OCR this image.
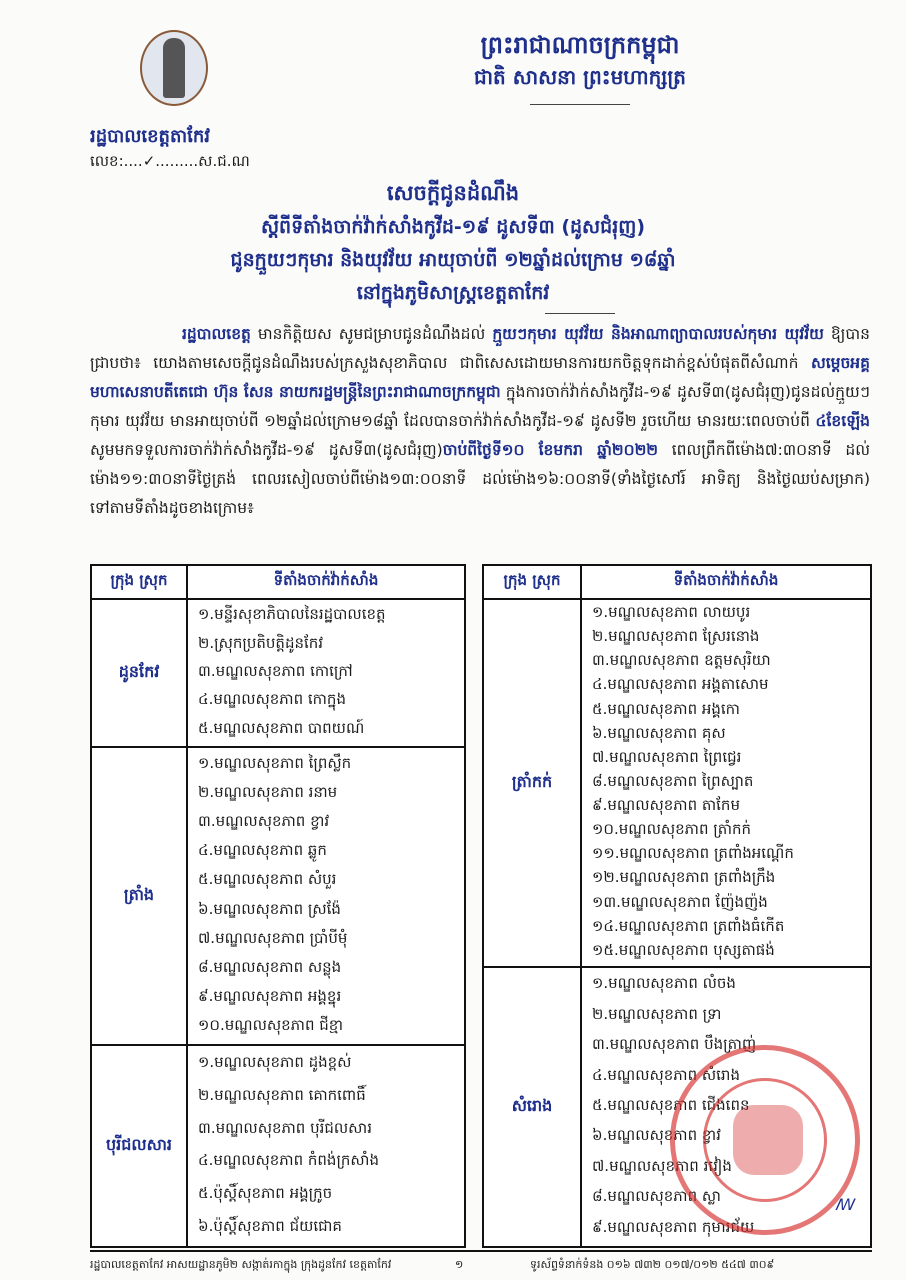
ព្រះរាជាណាចក្រកម្ពុជា
ជាតិ សាសនា ព្រះមហាក្សត្រ
រដ្ឋបាលខេត្តតាកែវ
លេខ:....✓.........ស.ជ.ណ
សេចក្តីជូនដំណឹង
ស្តីពីទីតាំងចាក់វ៉ាក់សាំងកូវីដ-១៩ ដូសទី៣ (ដូសជំរុញ)
ជូនក្មួយៗកុមារ និងយុវវ័យ អាយុចាប់ពី ១២ឆ្នាំដល់ក្រោម ១៨ឆ្នាំ
នៅក្នុងភូមិសាស្ត្រខេត្តតាកែវ

រដ្ឋបាលខេត្ត មានកិត្តិយស សូមជម្រាបជូនដំណឹងដល់ ក្មួយៗកុមារ យុវវ័យ និងអាណាព្យាបាលរបស់កុមារ យុវវ័យ ឱ្យបានជ្រាបថា៖ យោងតាមសេចក្តីជូនដំណឹងរបស់ក្រសួងសុខាភិបាល ជាពិសេសដោយមានការយកចិត្តទុកដាក់ខ្ពស់បំផុតពីសំណាក់ សម្តេចអគ្គមហាសេនាបតីតេជោ ហ៊ុន សែន នាយករដ្ឋមន្ត្រីនៃព្រះរាជាណាចក្រកម្ពុជា ក្នុងការចាក់វ៉ាក់សាំងកូវីដ-១៩ ដូសទី៣(ដូសជំរុញ)ជូនដល់ក្មួយៗកុមារ យុវវ័យ មានអាយុចាប់ពី ១២ឆ្នាំដល់ក្រោម១៨ឆ្នាំ ដែលបានចាក់វ៉ាក់សាំងកូវីដ-១៩ ដូសទី២ រួចហើយ មានរយៈពេលចាប់ពី ៤ខែឡើង សូមមកទទួលការចាក់វ៉ាក់សាំងកូវីដ-១៩ ដូសទី៣(ដូសជំរុញ)ចាប់ពីថ្ងៃទី១០ ខែមករា ឆ្នាំ២០២២ ពេលព្រឹកពីម៉ោង៧:៣០នាទី ដល់ម៉ោង១១:៣០នាទីថ្ងៃត្រង់ ពេលរសៀលចាប់ពីម៉ោង១៣:០០នាទី ដល់ម៉ោង១៦:០០នាទី(ទាំងថ្ងៃសៅរ៍ អាទិត្យ និងថ្ងៃឈប់សម្រាក) ទៅតាមទីតាំងដូចខាងក្រោម៖

ក្រុង ស្រុក	ទីតាំងចាក់វ៉ាក់សាំង
ដូនកែវ
១.មន្ទីរសុខាភិបាលនៃរដ្ឋបាលខេត្ត
២.ស្រុកប្រតិបត្តិដូនកែវ
៣.មណ្ឌលសុខភាព កោក្រៅ
៤.មណ្ឌលសុខភាព កោក្នុង
៥.មណ្ឌលសុខភាព បាពយណ៍
ត្រាំង
១.មណ្ឌលសុខភាព ព្រៃស្លឹក
២.មណ្ឌលសុខភាព រនាម
៣.មណ្ឌលសុខភាព ខ្វាវ
៤.មណ្ឌលសុខភាព ឆ្លូក
៥.មណ្ឌលសុខភាព សំបួរ
៦.មណ្ឌលសុខភាព ស្រង៉ែ
៧.មណ្ឌលសុខភាព ប្រាំបីមុំ
៨.មណ្ឌលសុខភាព សន្លុង
៩.មណ្ឌលសុខភាព អង្គខ្នុរ
១០.មណ្ឌលសុខភាព ជីខ្មា
បុរីជលសារ
១.មណ្ឌលសុខភាព ដូងខ្ពស់
២.មណ្ឌលសុខភាព គោកពោធិ៍
៣.មណ្ឌលសុខភាព បុរីជលសារ
៤.មណ្ឌលសុខភាព កំពង់ក្រសាំង
៥.ប៉ុស្តិ៍សុខភាព អង្គក្រូច
៦.ប៉ុស្តិ៍សុខភាព ជ័យជោគ
ក្រុង ស្រុក	ទីតាំងចាក់វ៉ាក់សាំង
ត្រាំកក់
១.មណ្ឌលសុខភាព លាយបូរ
២.មណ្ឌលសុខភាព ស្រែរនោង
៣.មណ្ឌលសុខភាព ឧត្តមសុរិយា
៤.មណ្ឌលសុខភាព អង្គតាសោម
៥.មណ្ឌលសុខភាព អង្គកោ
៦.មណ្ឌលសុខភាព គុស
៧.មណ្ឌលសុខភាព ព្រៃជ្វេរ
៨.មណ្ឌលសុខភាព ព្រៃស្បាត
៩.មណ្ឌលសុខភាព តាកែម
១០.មណ្ឌលសុខភាព ត្រាំកក់
១១.មណ្ឌលសុខភាព ត្រពាំងអណ្តើក
១២.មណ្ឌលសុខភាព ត្រពាំងក្រឹង
១៣.មណ្ឌលសុខភាព ញ៉ែងញ៉ង
១៤.មណ្ឌលសុខភាព ត្រពាំងធំកើត
១៥.មណ្ឌលសុខភាព បុស្សតាផង់
សំរោង
១.មណ្ឌលសុខភាព លំចង
២.មណ្ឌលសុខភាព ទ្រា
៣.មណ្ឌលសុខភាព បឹងត្រាញ់
៤.មណ្ឌលសុខភាព សំរោង
៥.មណ្ឌលសុខភាព ជើងពេន
៦.មណ្ឌលសុខភាព ខ្វាវ
៧.មណ្ឌលសុខភាព រវៀង
៨.មណ្ឌលសុខភាព ស្លា
៩.មណ្ឌលសុខភាព កុមារជ័យ
ꟿ
រដ្ឋបាលខេត្តតាកែវ អាសយដ្ឋានភូមិ២ សង្កាត់រកាក្នុង ក្រុងដូនកែវ ខេត្តតាកែវ	១	ទូរស័ព្ទទំនាក់ទំនង ០១៦ ៧៣២ ០១៧/០១២ ៥៤៧ ៣០៩
